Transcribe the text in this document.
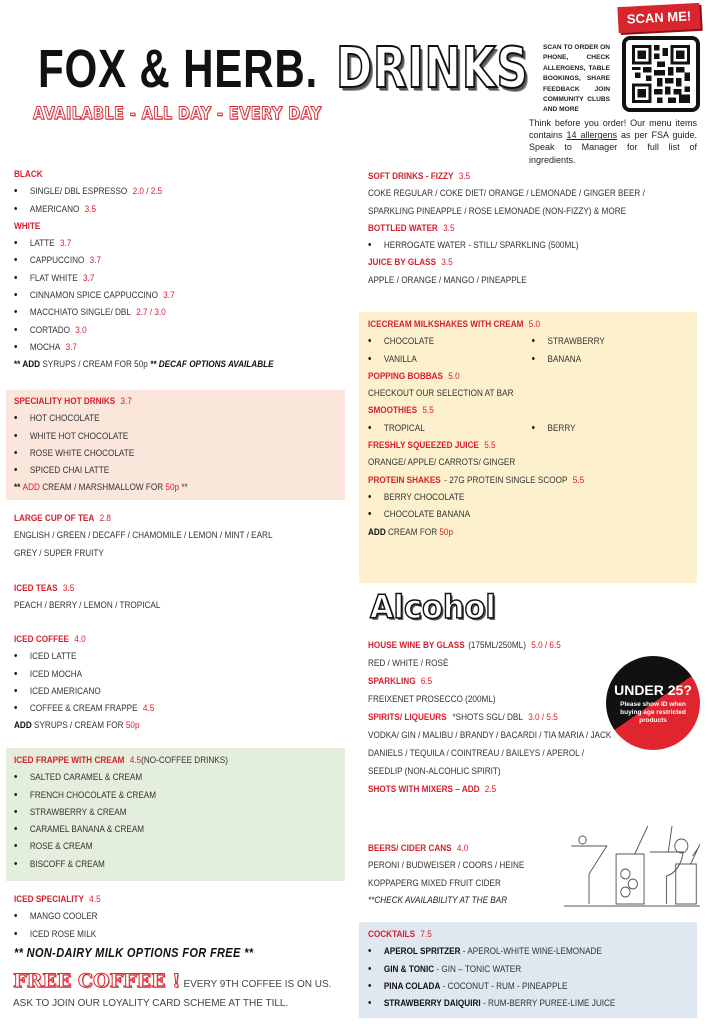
FOX & HERB. DRINKS
AVAILABLE - ALL DAY - EVERY DAY
SCAN TO ORDER ON PHONE, CHECK ALLERGENS, TABLE BOOKINGS, SHARE FEEDBACK JOIN COMMUNITY CLUBS AND MORE
SCAN ME!
Think before you order! Our menu items contains 14 allergens as per FSA guide. Speak to Manager for full list of ingredients.
BLACK
• SINGLE/ DBL ESPRESSO 2.0 / 2.5
• AMERICANO 3.5
WHITE
• LATTE 3.7
• CAPPUCCINO 3.7
• FLAT WHITE 3.7
• CINNAMON SPICE CAPPUCCINO 3.7
• MACCHIATO SINGLE/ DBL 2.7 / 3.0
• CORTADO 3.0
• MOCHA 3.7
** ADD SYRUPS / CREAM FOR 50p ** DECAF OPTIONS AVAILABLE
SPECIALITY HOT DRNIKS 3.7
• HOT CHOCOLATE
• WHITE HOT CHOCOLATE
• ROSE WHITE CHOCOLATE
• SPICED CHAI LATTE
** ADD CREAM / MARSHMALLOW FOR 50p **
LARGE CUP OF TEA 2.8
ENGLISH / GREEN / DECAFF / CHAMOMILE / LEMON / MINT / EARL
GREY / SUPER FRUITY
ICED TEAS 3.5
PEACH / BERRY / LEMON / TROPICAL
ICED COFFEE 4.0
• ICED LATTE
• ICED MOCHA
• ICED AMERICANO
• COFFEE & CREAM FRAPPE 4.5
ADD SYRUPS / CREAM FOR 50p
ICED FRAPPE WITH CREAM 4.5(NO-COFFEE DRINKS)
• SALTED CARAMEL & CREAM
• FRENCH CHOCOLATE & CREAM
• STRAWBERRY & CREAM
• CARAMEL BANANA & CREAM
• ROSE & CREAM
• BISCOFF & CREAM
ICED SPECIALITY 4.5
• MANGO COOLER
• ICED ROSE MILK
SOFT DRINKS - FIZZY 3.5
COKE REGULAR / COKE DIET/ ORANGE / LEMONADE / GINGER BEER /
SPARKLING PINEAPPLE / ROSE LEMONADE (NON-FIZZY) & MORE
BOTTLED WATER 3.5
• HERROGATE WATER - STILL/ SPARKLING (500ML)
JUICE BY GLASS 3.5
APPLE / ORANGE / MANGO / PINEAPPLE
ICECREAM MILKSHAKES WITH CREAM 5.0
• CHOCOLATE	• STRAWBERRY
• VANILLA	• BANANA
POPPING BOBBAS 5.0
CHECKOUT OUR SELECTION AT BAR
SMOOTHIES 5.5
• TROPICAL	• BERRY
FRESHLY SQUEEZED JUICE 5.5
ORANGE/ APPLE/ CARROTS/ GINGER
PROTEIN SHAKES - 27G PROTEIN SINGLE SCOOP 5.5
• BERRY CHOCOLATE
• CHOCOLATE BANANA
ADD CREAM FOR 50p
Alcohol
HOUSE WINE BY GLASS (175ML/250ML) 5.0 / 6.5
RED / WHITE / ROSÉ
SPARKLING 6.5
FREIXENET PROSECCO (200ML)
SPIRITS/ LIQUEURS *SHOTS SGL/ DBL 3.0 / 5.5
VODKA/ GIN / MALIBU / BRANDY / BACARDI / TIA MARIA / JACK
DANIELS / TEQUILA / COINTREAU / BAILEYS / APEROL /
SEEDLIP (NON-ALCOHLIC SPIRIT)
SHOTS WITH MIXERS – ADD 2.5
BEERS/ CIDER CANS 4.0
PERONI / BUDWEISER / COORS / HEINE
KOPPAPERG MIXED FRUIT CIDER
**CHECK AVAILABILITY AT THE BAR
COCKTAILS 7.5
• APEROL SPRITZER - APEROL-WHITE WINE-LEMONADE
• GIN & TONIC - GIN – TONIC WATER
• PINA COLADA - COCONUT - RUM - PINEAPPLE
• STRAWBERRY DAIQUIRI - RUM-BERRY PUREE-LIME JUICE
UNDER 25?
Please show ID when buying age restricted products
** NON-DAIRY MILK OPTIONS FOR FREE **
FREE COFFEE ! EVERY 9TH COFFEE IS ON US.
ASK TO JOIN OUR LOYALITY CARD SCHEME AT THE TILL.
